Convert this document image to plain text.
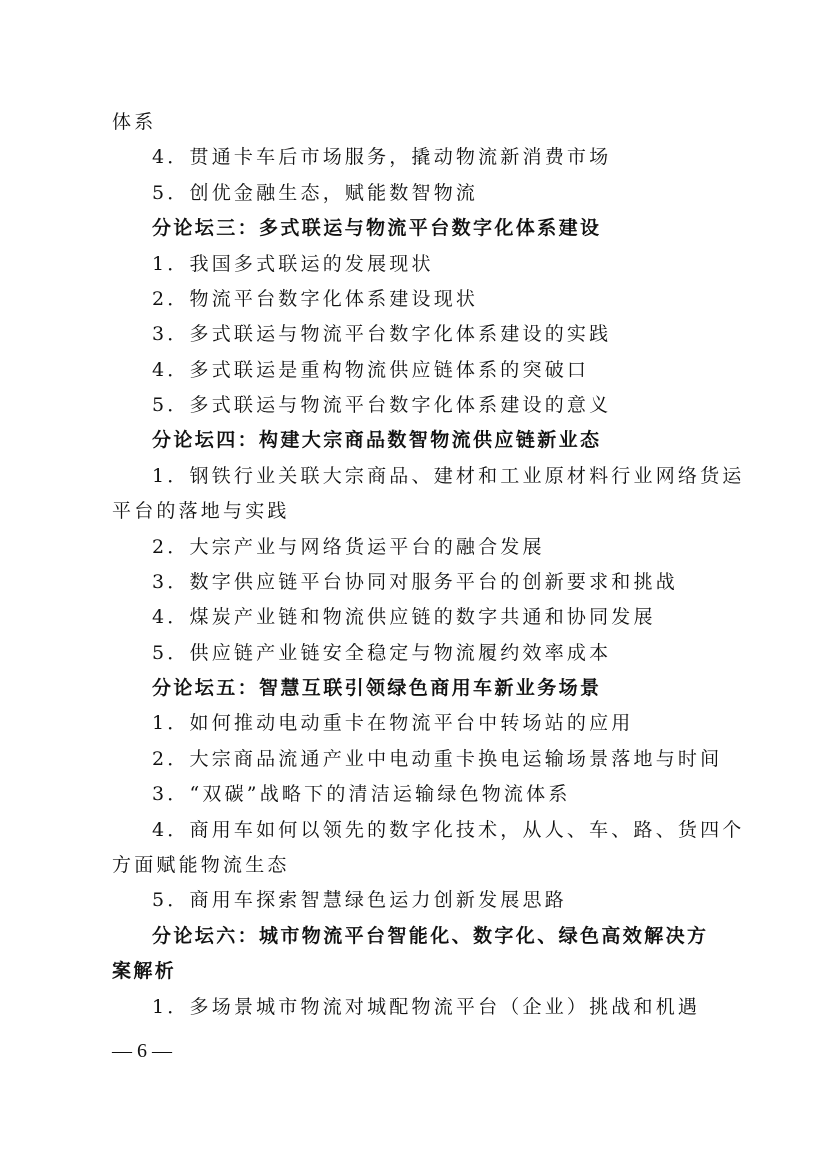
体系
4．贯通卡车后市场服务，撬动物流新消费市场
5．创优金融生态，赋能数智物流
分论坛三：多式联运与物流平台数字化体系建设
1．我国多式联运的发展现状
2．物流平台数字化体系建设现状
3．多式联运与物流平台数字化体系建设的实践
4．多式联运是重构物流供应链体系的突破口
5．多式联运与物流平台数字化体系建设的意义
分论坛四：构建大宗商品数智物流供应链新业态
1．钢铁行业关联大宗商品、建材和工业原材料行业网络货运
平台的落地与实践
2．大宗产业与网络货运平台的融合发展
3．数字供应链平台协同对服务平台的创新要求和挑战
4．煤炭产业链和物流供应链的数字共通和协同发展
5．供应链产业链安全稳定与物流履约效率成本
分论坛五：智慧互联引领绿色商用车新业务场景
1．如何推动电动重卡在物流平台中转场站的应用
2．大宗商品流通产业中电动重卡换电运输场景落地与时间
3．“双碳”战略下的清洁运输绿色物流体系
4．商用车如何以领先的数字化技术，从人、车、路、货四个
方面赋能物流生态
5．商用车探索智慧绿色运力创新发展思路
分论坛六：城市物流平台智能化、数字化、绿色高效解决方
案解析
1．多场景城市物流对城配物流平台（企业）挑战和机遇
— 6 —
